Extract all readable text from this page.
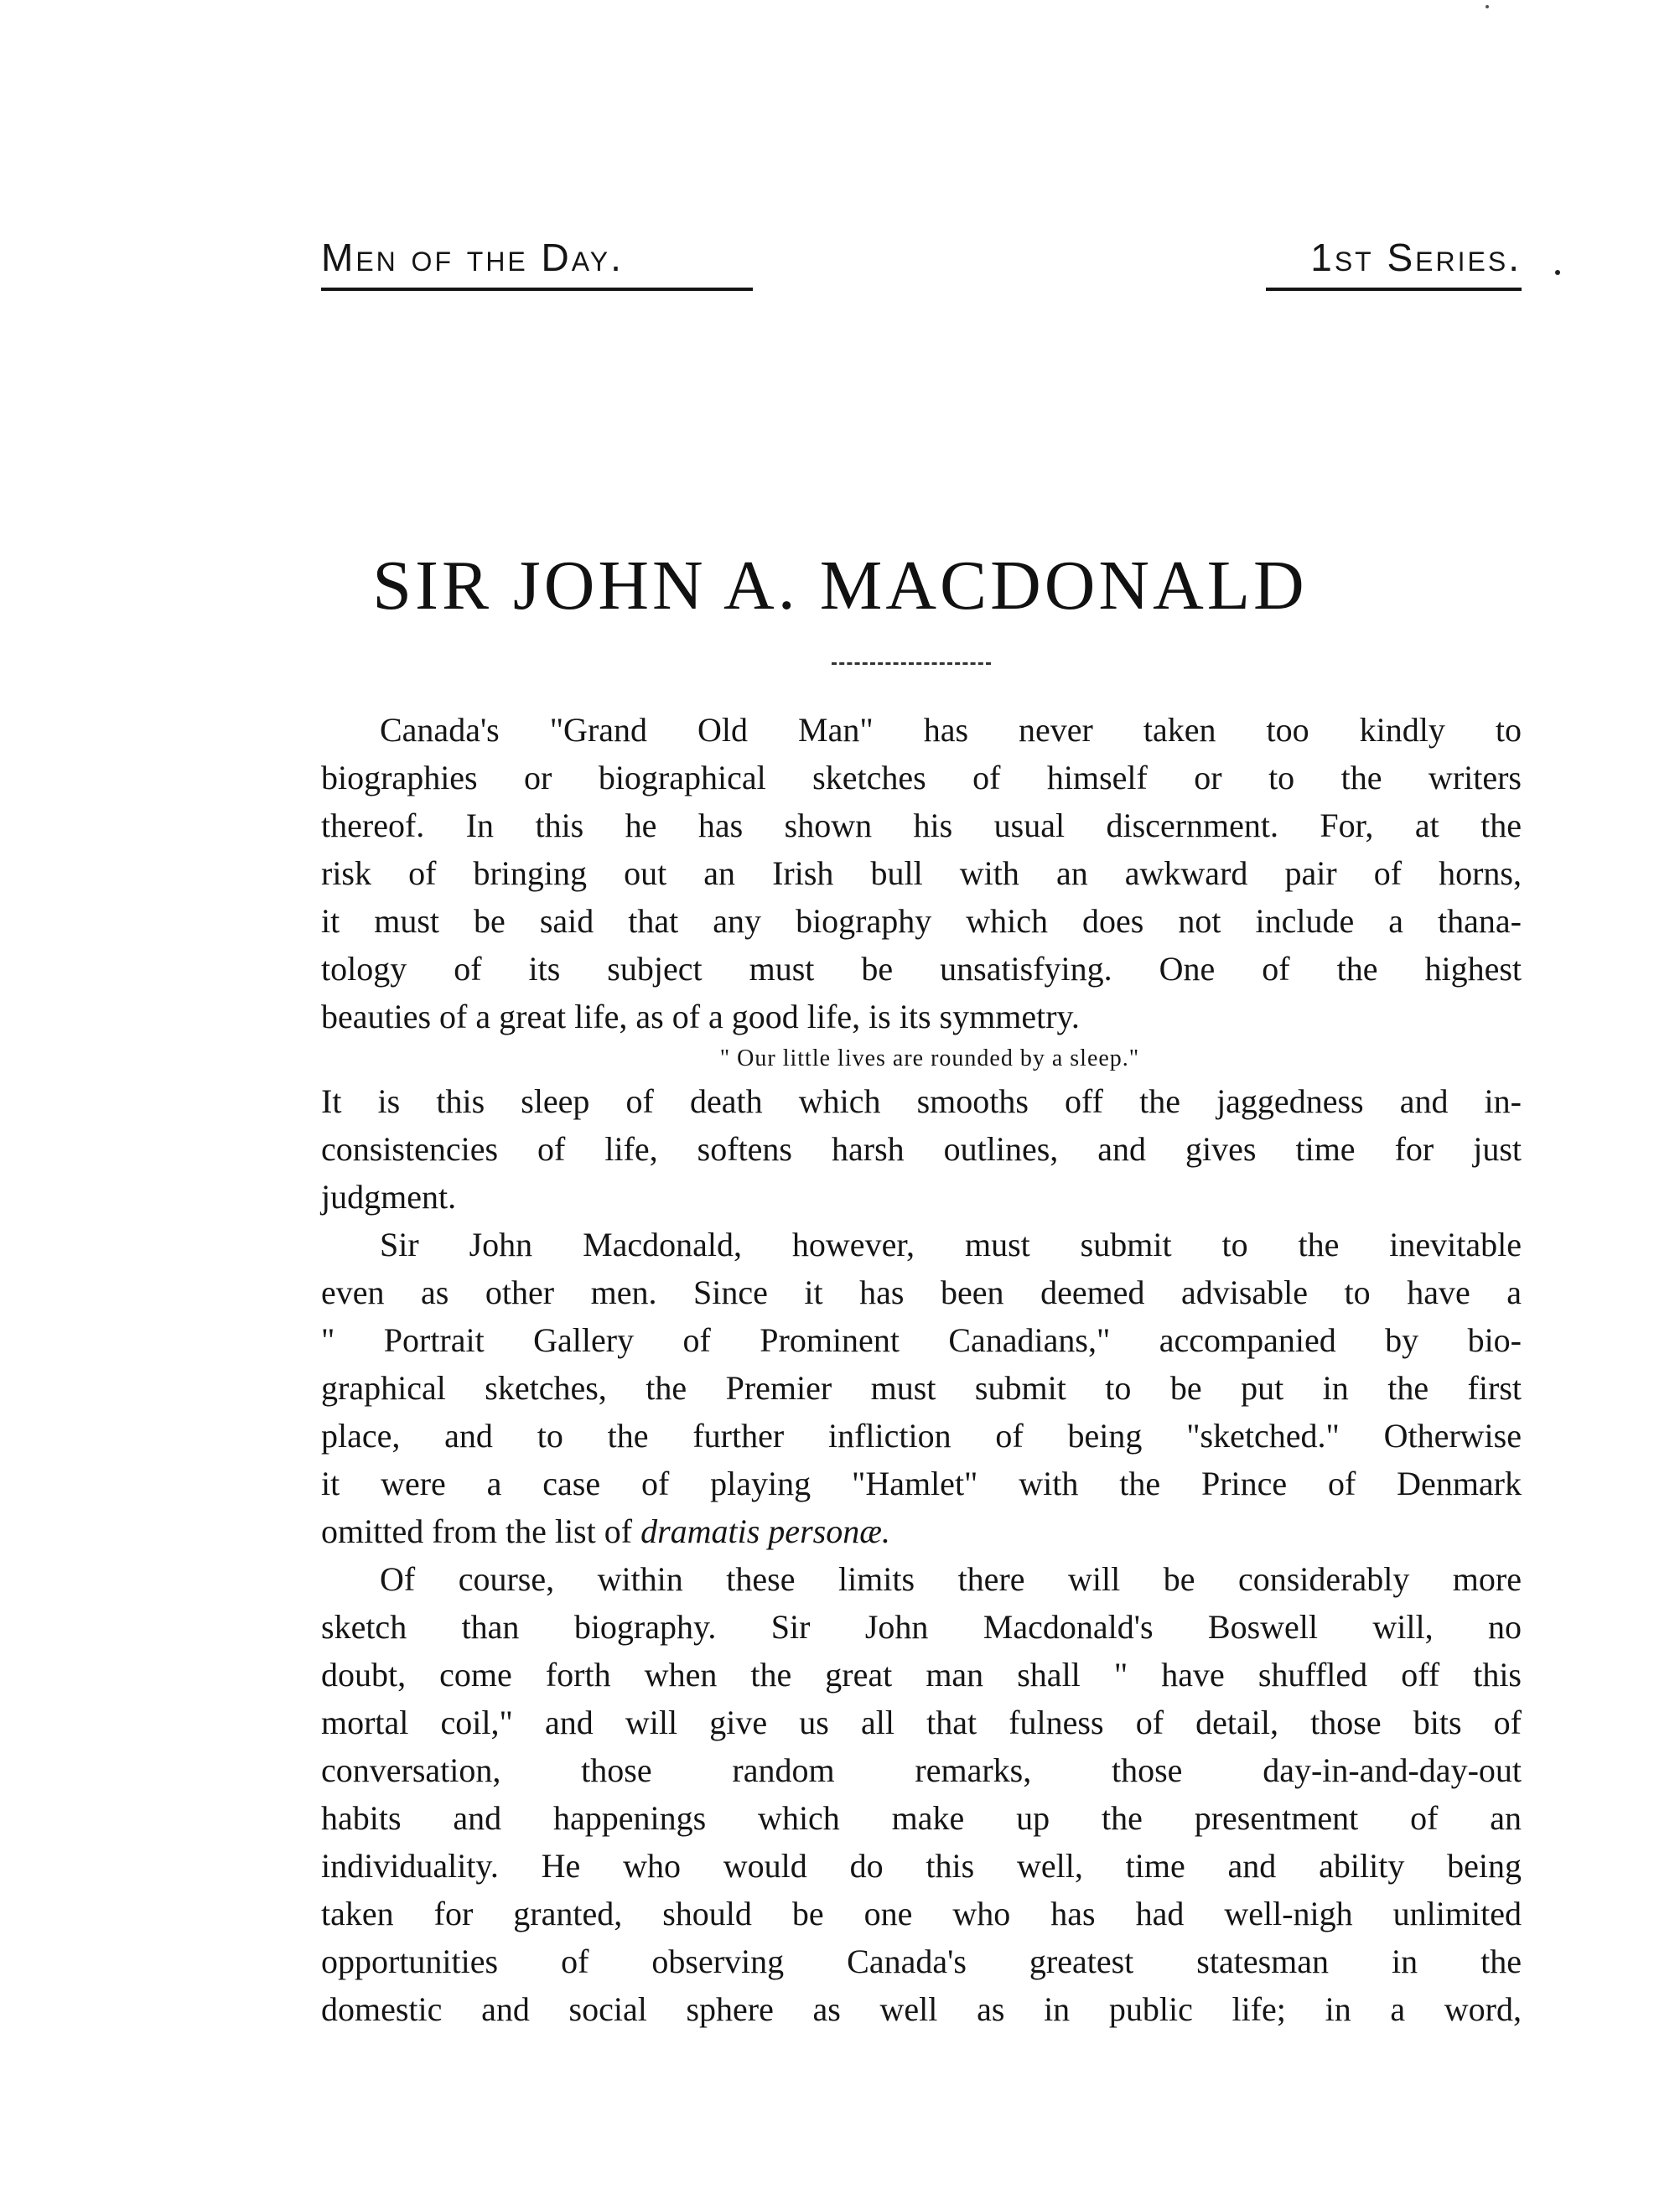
Men of the Day.	1st Series.
SIR JOHN A. MACDONALD
Canada's "Grand Old Man" has never taken too kindly to
biographies or biographical sketches of himself or to the writers
thereof. In this he has shown his usual discernment. For, at the
risk of bringing out an Irish bull with an awkward pair of horns,
it must be said that any biography which does not include a thana-
tology of its subject must be unsatisfying. One of the highest
beauties of a great life, as of a good life, is its symmetry.
" Our little lives are rounded by a sleep."
It is this sleep of death which smooths off the jaggedness and in-
consistencies of life, softens harsh outlines, and gives time for just
judgment.
Sir John Macdonald, however, must submit to the inevitable
even as other men. Since it has been deemed advisable to have a
" Portrait Gallery of Prominent Canadians," accompanied by bio-
graphical sketches, the Premier must submit to be put in the first
place, and to the further infliction of being "sketched." Otherwise
it were a case of playing "Hamlet" with the Prince of Denmark
omitted from the list of dramatis personæ.
Of course, within these limits there will be considerably more
sketch than biography. Sir John Macdonald's Boswell will, no
doubt, come forth when the great man shall " have shuffled off this
mortal coil," and will give us all that fulness of detail, those bits of
conversation, those random remarks, those day-in-and-day-out
habits and happenings which make up the presentment of an
individuality. He who would do this well, time and ability being
taken for granted, should be one who has had well-nigh unlimited
opportunities of observing Canada's greatest statesman in the
domestic and social sphere as well as in public life; in a word,
